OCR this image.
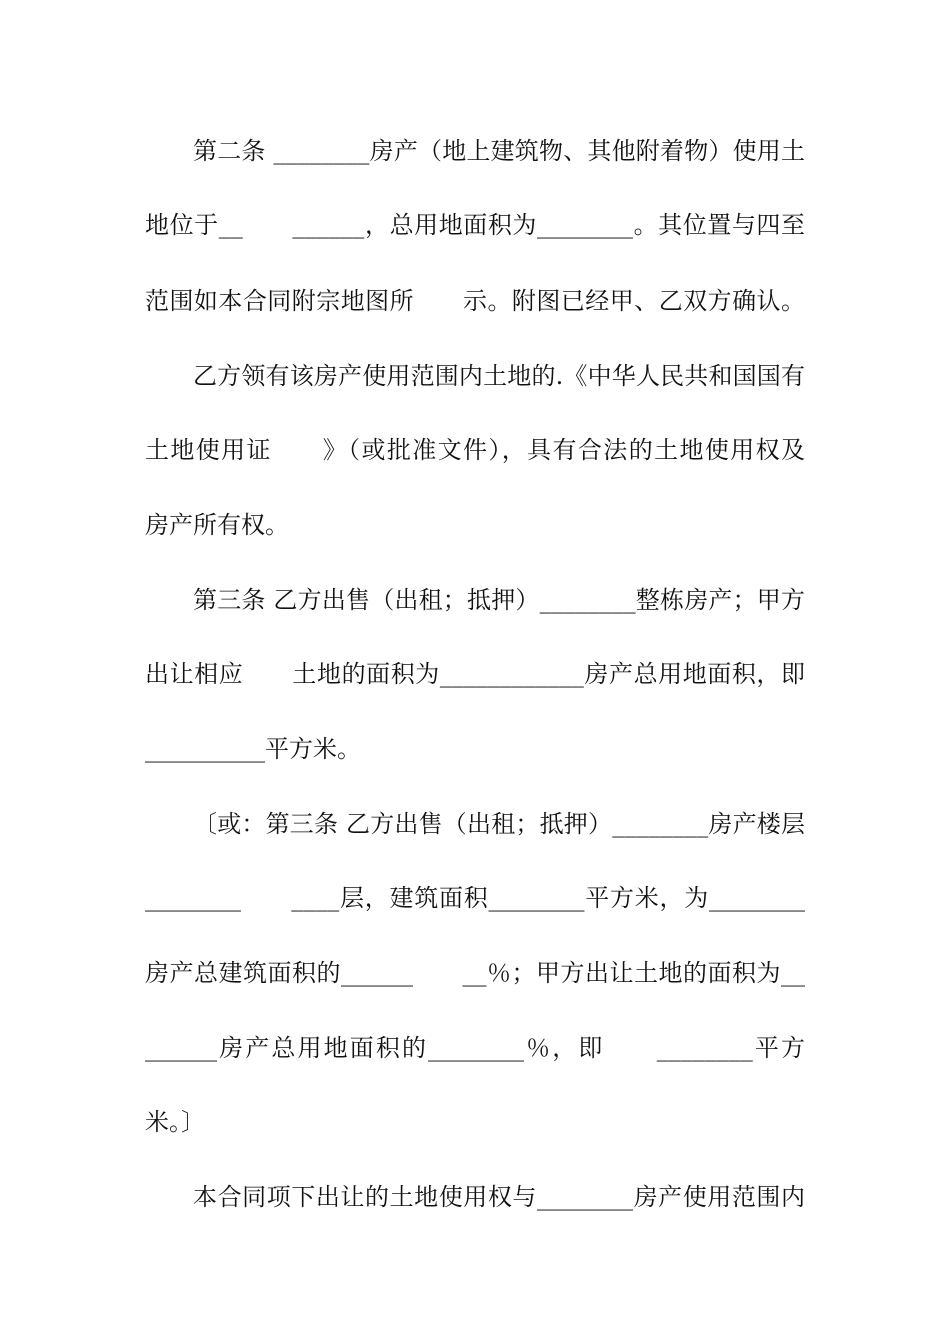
第二条 ________房产（地上建筑物、其他附着物）使用土
地位于__　　______，总用地面积为________。其位置与四至
范围如本合同附宗地图所　　示。附图已经甲、乙双方确认。
乙方领有该房产使用范围内土地的.《中华人民共和国国有
土地使用证　　》（或批准文件），具有合法的土地使用权及
房产所有权。
第三条 乙方出售（出租；抵押）________整栋房产；甲方
出让相应　　土地的面积为____________房产总用地面积，即
__________平方米。
〔或：第三条 乙方出售（出租；抵押）________房产楼层
________　　____层，建筑面积________平方米，为________
房产总建筑面积的______　　__％；甲方出让土地的面积为__
______房产总用地面积的________％，即　　________平方
米。〕
本合同项下出让的土地使用权与________房产使用范围内
